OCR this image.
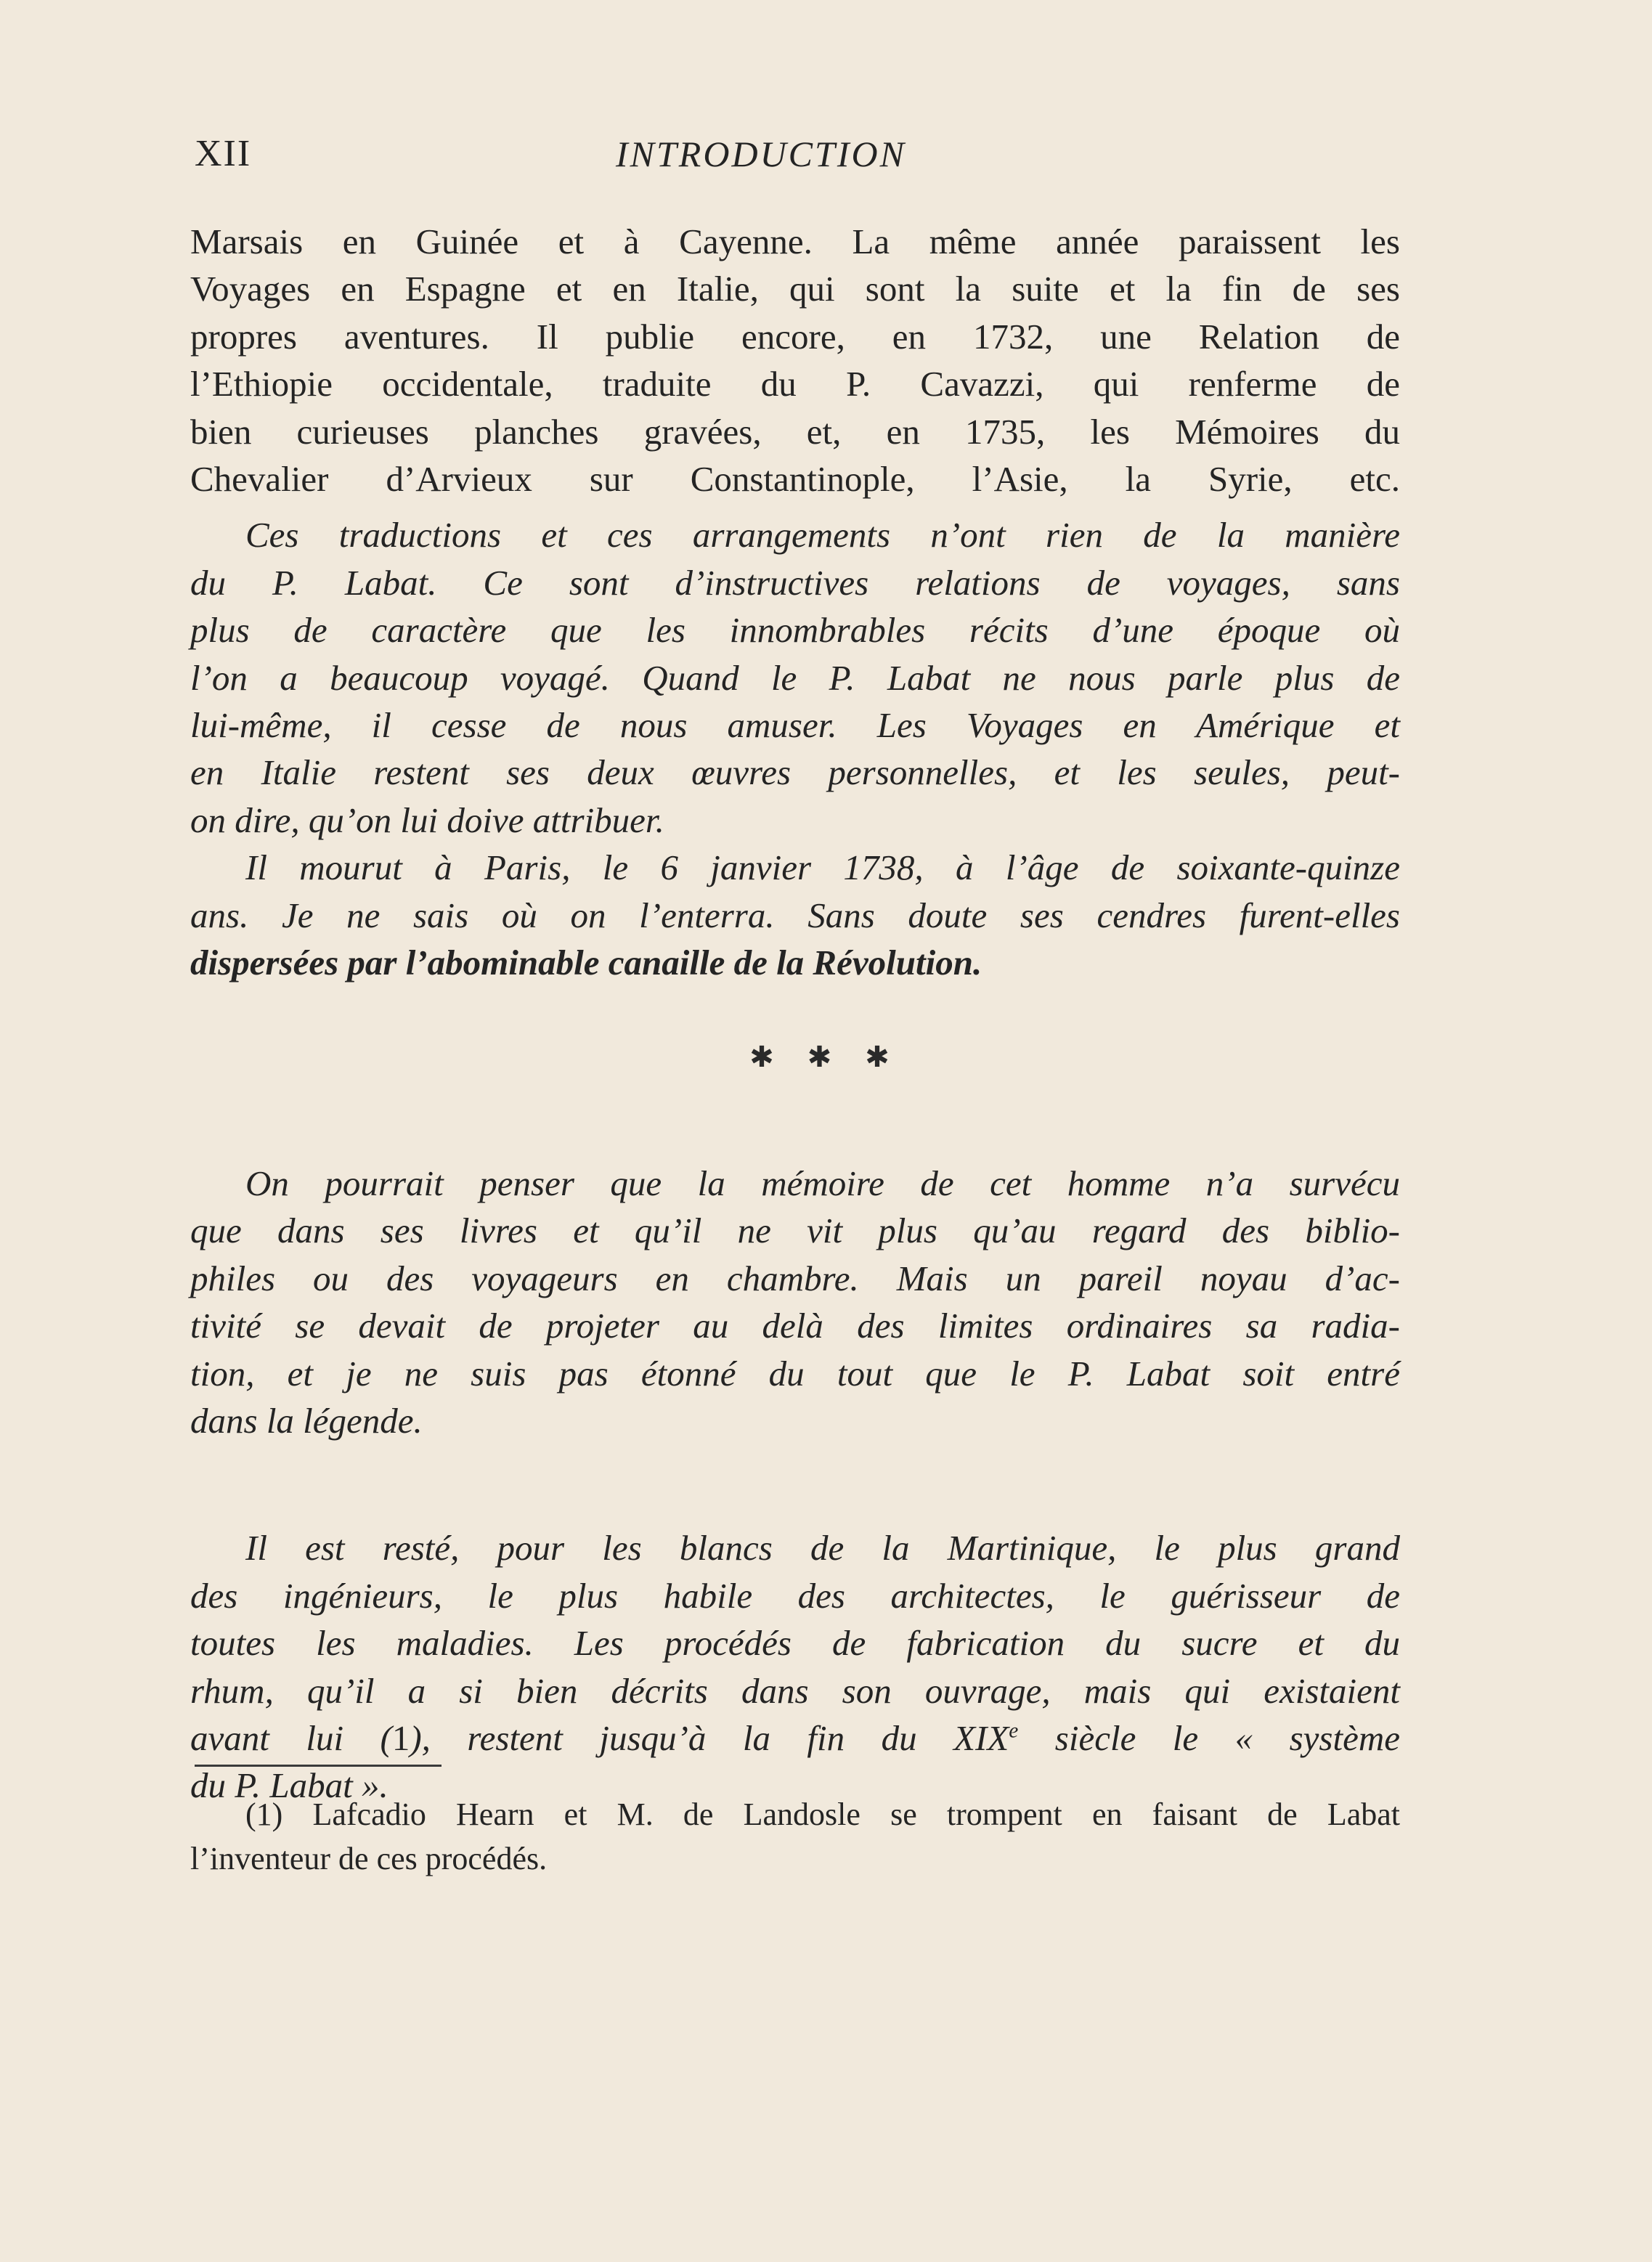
XII	INTRODUCTION

Marsais en Guinée et à Cayenne. La même année paraissent les
Voyages en Espagne et en Italie, qui sont la suite et la fin de ses
propres aventures. Il publie encore, en 1732, une Relation de
l’Ethiopie occidentale, traduite du P. Cavazzi, qui renferme de
bien curieuses planches gravées, et, en 1735, les Mémoires du
Chevalier d’Arvieux sur Constantinople, l’Asie, la Syrie, etc.

Ces traductions et ces arrangements n’ont rien de la manière
du P. Labat. Ce sont d’instructives relations de voyages, sans
plus de caractère que les innombrables récits d’une époque où
l’on a beaucoup voyagé. Quand le P. Labat ne nous parle plus de
lui-même, il cesse de nous amuser. Les Voyages en Amérique et
en Italie restent ses deux œuvres personnelles, et les seules, peut-
on dire, qu’on lui doive attribuer.

Il mourut à Paris, le 6 janvier 1738, à l’âge de soixante-quinze
ans. Je ne sais où on l’enterra. Sans doute ses cendres furent-elles
dispersées par l’abominable canaille de la Révolution.

✱ ✱ ✱

On pourrait penser que la mémoire de cet homme n’a survécu
que dans ses livres et qu’il ne vit plus qu’au regard des biblio-
philes ou des voyageurs en chambre. Mais un pareil noyau d’ac-
tivité se devait de projeter au delà des limites ordinaires sa radia-
tion, et je ne suis pas étonné du tout que le P. Labat soit entré
dans la légende.

Il est resté, pour les blancs de la Martinique, le plus grand
des ingénieurs, le plus habile des architectes, le guérisseur de
toutes les maladies. Les procédés de fabrication du sucre et du
rhum, qu’il a si bien décrits dans son ouvrage, mais qui existaient
avant lui (1), restent jusqu’à la fin du XIXe siècle le « système
du P. Labat ».

(1) Lafcadio Hearn et M. de Landosle se trompent en faisant de Labat
l’inventeur de ces procédés.
